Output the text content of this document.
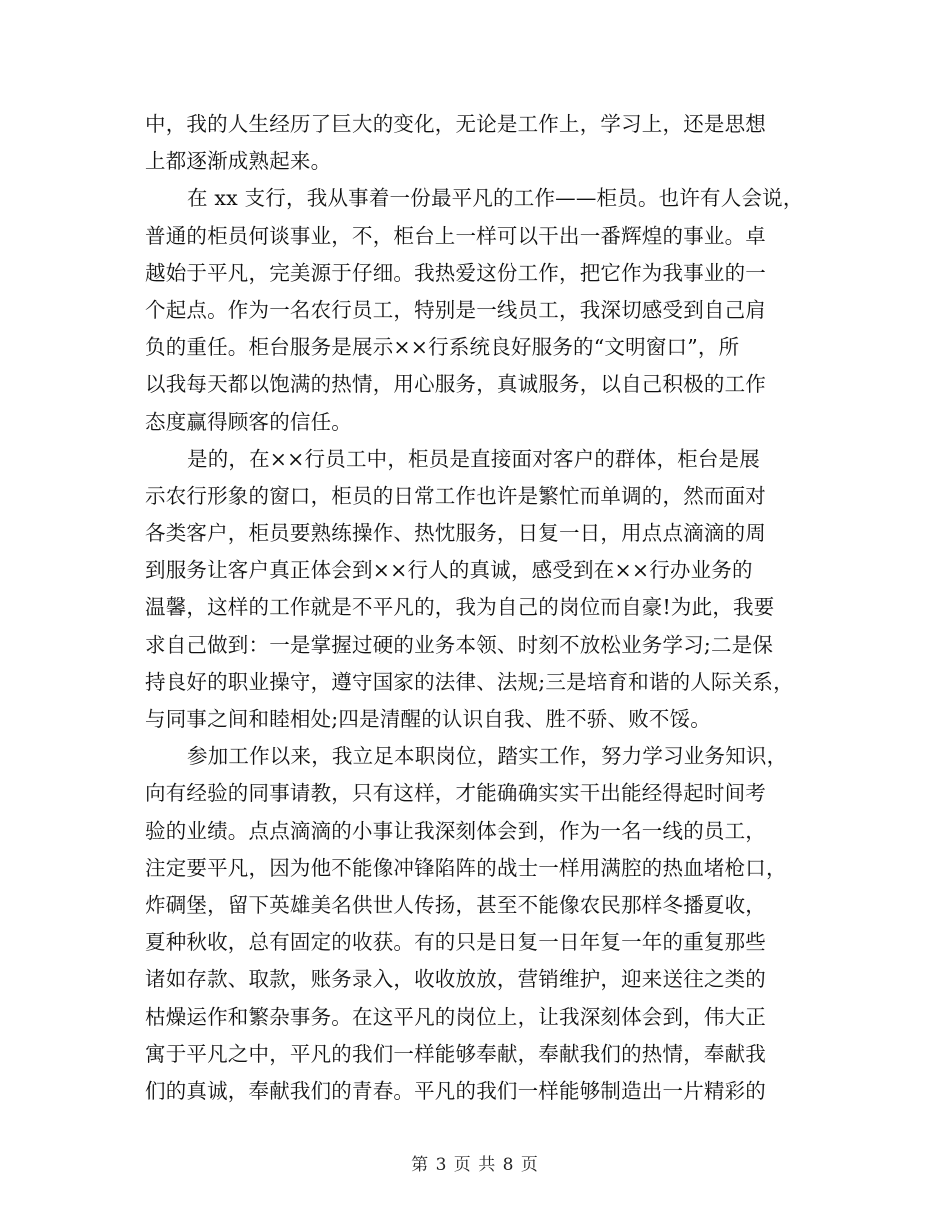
中，我的人生经历了巨大的变化，无论是工作上，学习上，还是思想
上都逐渐成熟起来。
在 xx 支行，我从事着一份最平凡的工作——柜员。也许有人会说，
普通的柜员何谈事业，不，柜台上一样可以干出一番辉煌的事业。卓
越始于平凡，完美源于仔细。我热爱这份工作，把它作为我事业的一
个起点。作为一名农行员工，特别是一线员工，我深切感受到自己肩
负的重任。柜台服务是展示××行系统良好服务的“文明窗口”，所
以我每天都以饱满的热情，用心服务，真诚服务，以自己积极的工作
态度赢得顾客的信任。
是的，在××行员工中，柜员是直接面对客户的群体，柜台是展
示农行形象的窗口，柜员的日常工作也许是繁忙而单调的，然而面对
各类客户，柜员要熟练操作、热忱服务，日复一日，用点点滴滴的周
到服务让客户真正体会到××行人的真诚，感受到在××行办业务的
温馨，这样的工作就是不平凡的，我为自己的岗位而自豪!为此，我要
求自己做到：一是掌握过硬的业务本领、时刻不放松业务学习;二是保
持良好的职业操守，遵守国家的法律、法规;三是培育和谐的人际关系，
与同事之间和睦相处;四是清醒的认识自我、胜不骄、败不馁。
参加工作以来，我立足本职岗位，踏实工作，努力学习业务知识，
向有经验的同事请教，只有这样，才能确确实实干出能经得起时间考
验的业绩。点点滴滴的小事让我深刻体会到，作为一名一线的员工，
注定要平凡，因为他不能像冲锋陷阵的战士一样用满腔的热血堵枪口，
炸碉堡，留下英雄美名供世人传扬，甚至不能像农民那样冬播夏收，
夏种秋收，总有固定的收获。有的只是日复一日年复一年的重复那些
诸如存款、取款，账务录入，收收放放，营销维护，迎来送往之类的
枯燥运作和繁杂事务。在这平凡的岗位上，让我深刻体会到，伟大正
寓于平凡之中，平凡的我们一样能够奉献，奉献我们的热情，奉献我
们的真诚，奉献我们的青春。平凡的我们一样能够制造出一片精彩的
第 3 页 共 8 页
